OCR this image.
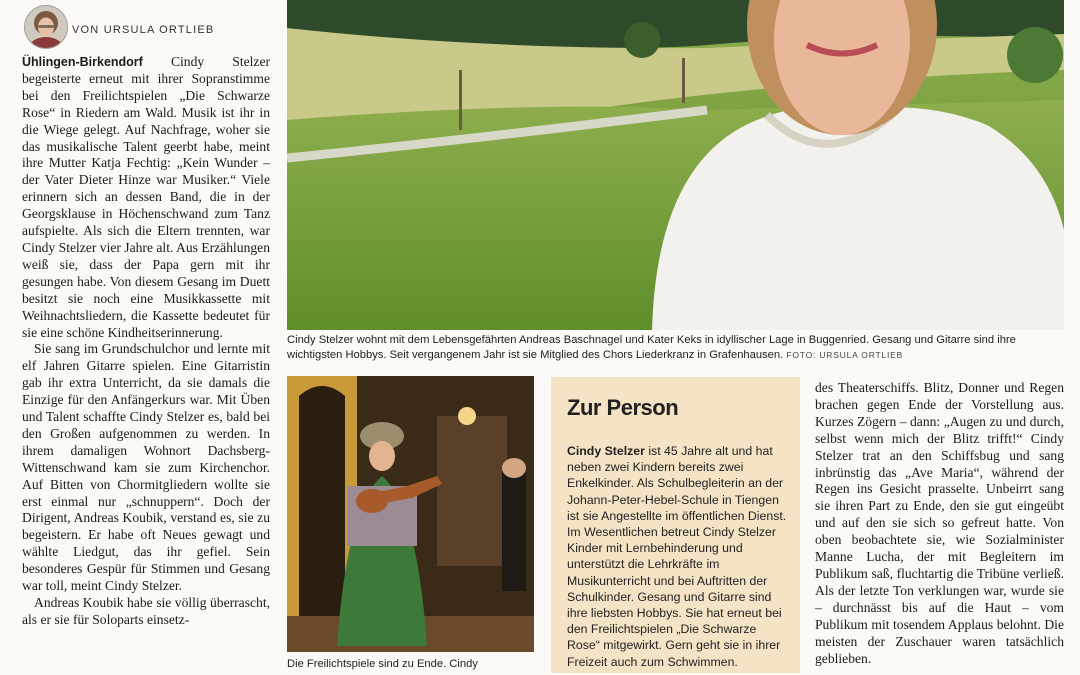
VON URSULA ORTLIEB

Ühlingen-Birkendorf Cindy Stelzer begeisterte erneut mit ihrer Sopranstimme bei den Freilichtspielen „Die Schwarze Rose“ in Riedern am Wald. Musik ist ihr in die Wiege gelegt. Auf Nachfrage, woher sie das musikalische Talent geerbt habe, meint ihre Mutter Katja Fechtig: „Kein Wunder – der Vater Dieter Hinze war Musiker.“ Viele erinnern sich an dessen Band, die in der Georgsklause in Höchenschwand zum Tanz aufspielte. Als sich die Eltern trennten, war Cindy Stelzer vier Jahre alt. Aus Erzählungen weiß sie, dass der Papa gern mit ihr gesungen habe. Von diesem Gesang im Duett besitzt sie noch eine Musikkassette mit Weihnachtsliedern, die Kassette bedeutet für sie eine schöne Kindheitserinnerung.

Sie sang im Grundschulchor und lernte mit elf Jahren Gitarre spielen. Eine Gitarristin gab ihr extra Unterricht, da sie damals die Einzige für den Anfängerkurs war. Mit Üben und Talent schaffte Cindy Stelzer es, bald bei den Großen aufgenommen zu werden. In ihrem damaligen Wohnort Dachsberg-Wittenschwand kam sie zum Kirchenchor. Auf Bitten von Chormitgliedern wollte sie erst einmal nur „schnuppern“. Doch der Dirigent, Andreas Koubik, verstand es, sie zu begeistern. Er habe oft Neues gewagt und wählte Liedgut, das ihr gefiel. Sein besonderes Gespür für Stimmen und Gesang war toll, meint Cindy Stelzer.

Andreas Koubik habe sie völlig überrascht, als er sie für Soloparts einsetz-

Cindy Stelzer wohnt mit dem Lebensgefährten Andreas Baschnagel und Kater Keks in idyllischer Lage in Buggenried. Gesang und Gitarre sind ihre wichtigsten Hobbys. Seit vergangenem Jahr ist sie Mitglied des Chors Liederkranz in Grafenhausen. FOTO: URSULA ORTLIEB
Die Freilichtspiele sind zu Ende. Cindy
Zur Person
Cindy Stelzer ist 45 Jahre alt und hat neben zwei Kindern bereits zwei Enkelkinder. Als Schulbegleiterin an der Johann-Peter-Hebel-Schule in Tiengen ist sie Angestellte im öffentlichen Dienst. Im Wesentlichen betreut Cindy Stelzer Kinder mit Lernbehinderung und unterstützt die Lehrkräfte im Musikunterricht und bei Auftritten der Schulkinder. Gesang und Gitarre sind ihre liebsten Hobbys. Sie hat erneut bei den Freilichtspielen „Die Schwarze Rose“ mitgewirkt. Gern geht sie in ihrer Freizeit auch zum Schwimmen.

des Theaterschiffs. Blitz, Donner und Regen brachen gegen Ende der Vorstellung aus. Kurzes Zögern – dann: „Augen zu und durch, selbst wenn mich der Blitz trifft!“ Cindy Stelzer trat an den Schiffsbug und sang inbrünstig das „Ave Maria“, während der Regen ins Gesicht prasselte. Unbeirrt sang sie ihren Part zu Ende, den sie gut eingeübt und auf den sie sich so gefreut hatte. Von oben beobachtete sie, wie Sozialminister Manne Lucha, der mit Begleitern im Publikum saß, fluchtartig die Tribüne verließ. Als der letzte Ton verklungen war, wurde sie – durchnässt bis auf die Haut – vom Publikum mit tosendem Applaus belohnt. Die meisten der Zuschauer waren tatsächlich geblieben.
